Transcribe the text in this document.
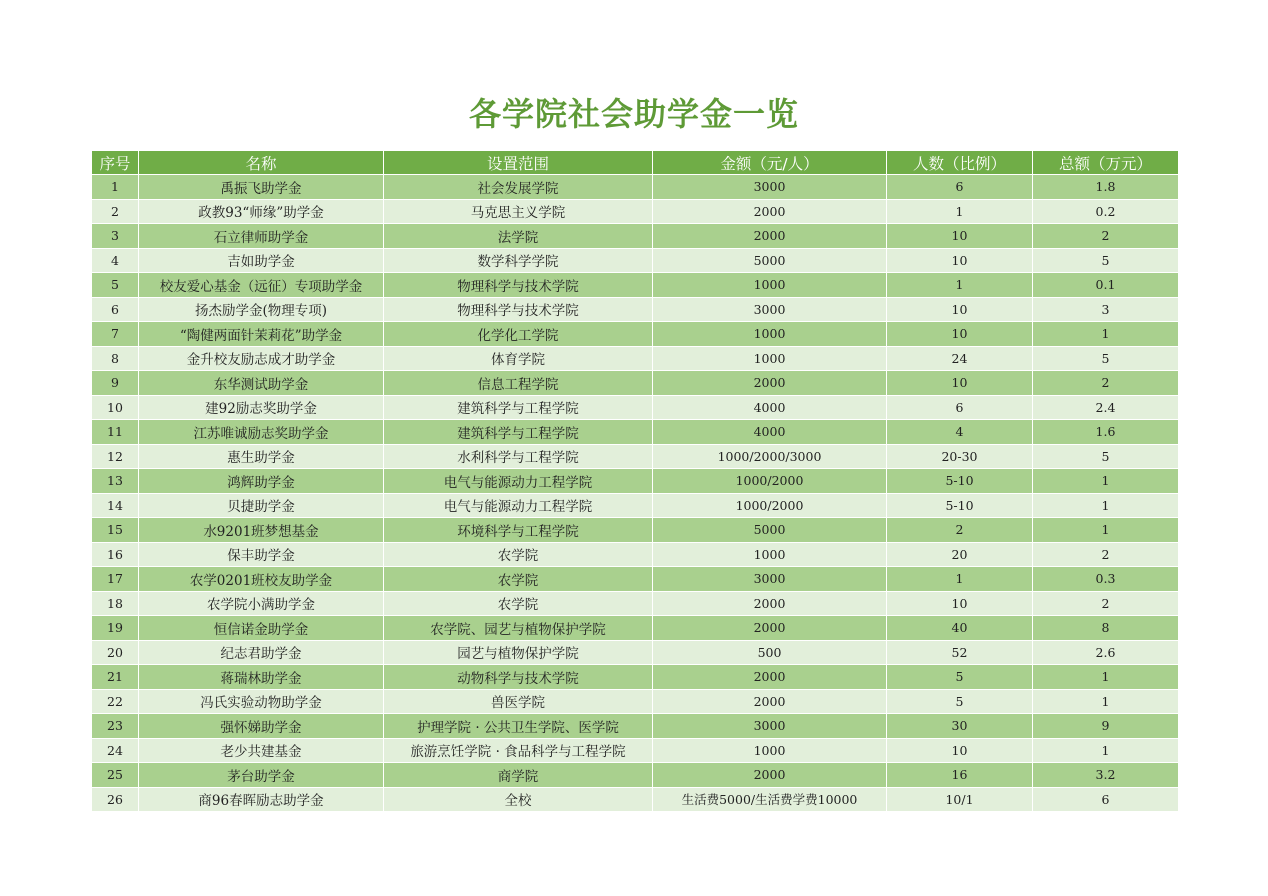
各学院社会助学金一览
序号	名称	设置范围	金额（元/人）	人数（比例）	总额（万元）
1	禹振飞助学金	社会发展学院	3000	6	1.8
2	政教93“师缘”助学金	马克思主义学院	2000	1	0.2
3	石立律师助学金	法学院	2000	10	2
4	吉如助学金	数学科学学院	5000	10	5
5	校友爱心基金（远征）专项助学金	物理科学与技术学院	1000	1	0.1
6	扬杰励学金(物理专项)	物理科学与技术学院	3000	10	3
7	“陶健两面针茉莉花”助学金	化学化工学院	1000	10	1
8	金升校友励志成才助学金	体育学院	1000	24	5
9	东华测试助学金	信息工程学院	2000	10	2
10	建92励志奖助学金	建筑科学与工程学院	4000	6	2.4
11	江苏唯诚励志奖助学金	建筑科学与工程学院	4000	4	1.6
12	惠生助学金	水利科学与工程学院	1000/2000/3000	20-30	5
13	鸿辉助学金	电气与能源动力工程学院	1000/2000	5-10	1
14	贝捷助学金	电气与能源动力工程学院	1000/2000	5-10	1
15	水9201班梦想基金	环境科学与工程学院	5000	2	1
16	保丰助学金	农学院	1000	20	2
17	农学0201班校友助学金	农学院	3000	1	0.3
18	农学院小满助学金	农学院	2000	10	2
19	恒信诺金助学金	农学院、园艺与植物保护学院	2000	40	8
20	纪志君助学金	园艺与植物保护学院	500	52	2.6
21	蒋瑞林助学金	动物科学与技术学院	2000	5	1
22	冯氏实验动物助学金	兽医学院	2000	5	1
23	强怀娣助学金	护理学院 · 公共卫生学院、医学院	3000	30	9
24	老少共建基金	旅游烹饪学院 · 食品科学与工程学院	1000	10	1
25	茅台助学金	商学院	2000	16	3.2
26	商96春晖励志助学金	全校	生活费5000/生活费学费10000	10/1	6
